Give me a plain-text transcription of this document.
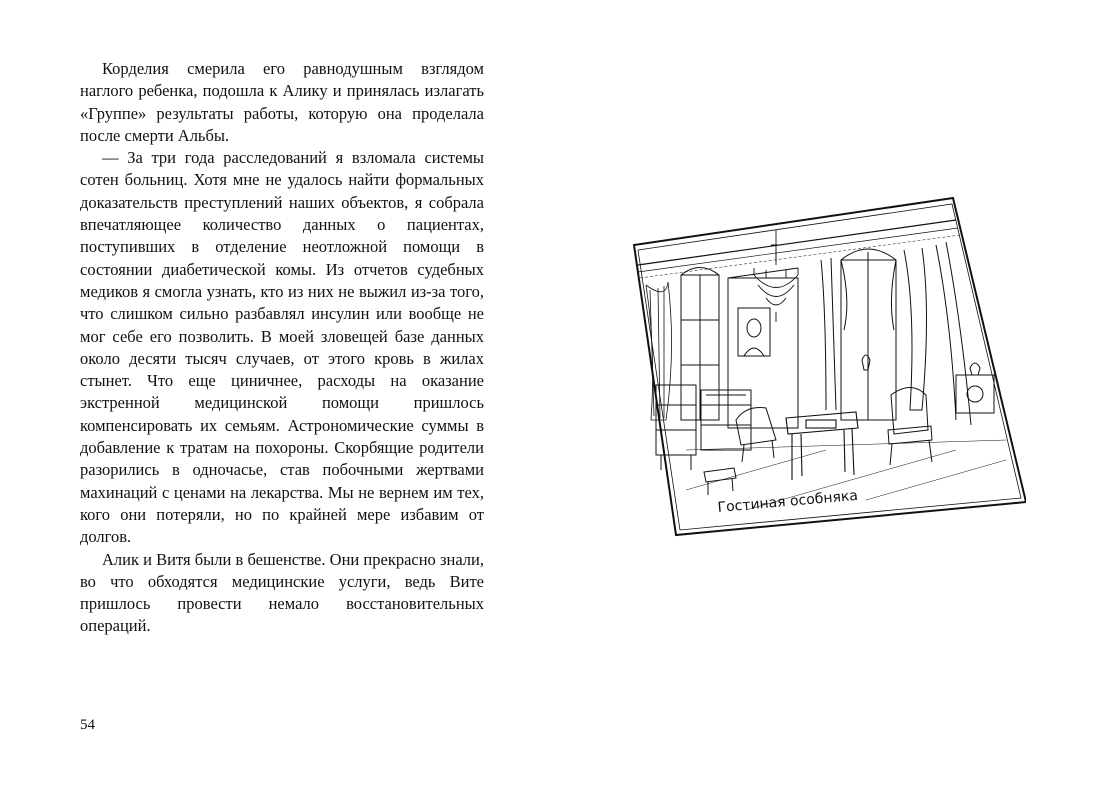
Корделия смерила его равнодушным взглядом наглого ребенка, подошла к Алику и принялась излагать «Группе» результаты работы, которую она проделала после смерти Альбы.

— За три года расследований я взломала системы сотен больниц. Хотя мне не удалось найти формальных доказательств преступлений наших объектов, я собрала впечатляющее количество данных о пациентах, поступивших в отделение неотложной помощи в состоянии диабетической комы. Из отчетов судебных медиков я смогла узнать, кто из них не выжил из-за того, что слишком сильно разбавлял инсулин или вообще не мог себе его позволить. В моей зловещей базе данных около десяти тысяч случаев, от этого кровь в жилах стынет. Что еще циничнее, расходы на оказание экстренной медицинской помощи пришлось компенсировать их семьям. Астрономические суммы в добавление к тратам на похороны. Скорбящие родители разорились в одночасье, став побочными жертвами махинаций с ценами на лекарства. Мы не вернем им тех, кого они потеряли, но по крайней мере избавим от долгов.

Алик и Витя были в бешенстве. Они прекрасно знали, во что обходятся медицинские услуги, ведь Вите пришлось провести немало восстановительных операций.

54
Гостиная особняка
